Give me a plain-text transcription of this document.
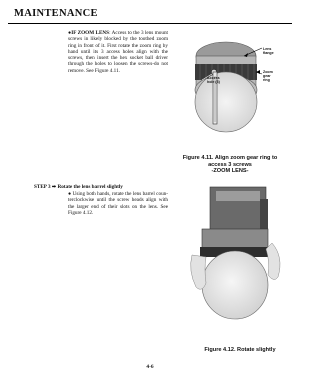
MAINTENANCE
●IF ZOOM LENS: Access to the 3 lens mount screws in likely blocked by the toothed zoom ring in front of it. First rotate the zoom ring by hand until its 3 access holes align with the screws, then insert the hex socket ball driver through the holes to loosen the screws-do not remove. See Figure 4.11.
Lens
flange
Zoom
gear
ring
Access
hole (3)
Figure 4.11. Align zoom gear ring to
access 3 screws
-ZOOM LENS-
STEP 3 ➡ Rotate the lens barrel slightly
● Using both hands, rotate the lens barrel coun-terclockwise until the screw heads align with the larger end of their slots on the lens. See Figure 4.12.
Figure 4.12. Rotate slightly
4-6
